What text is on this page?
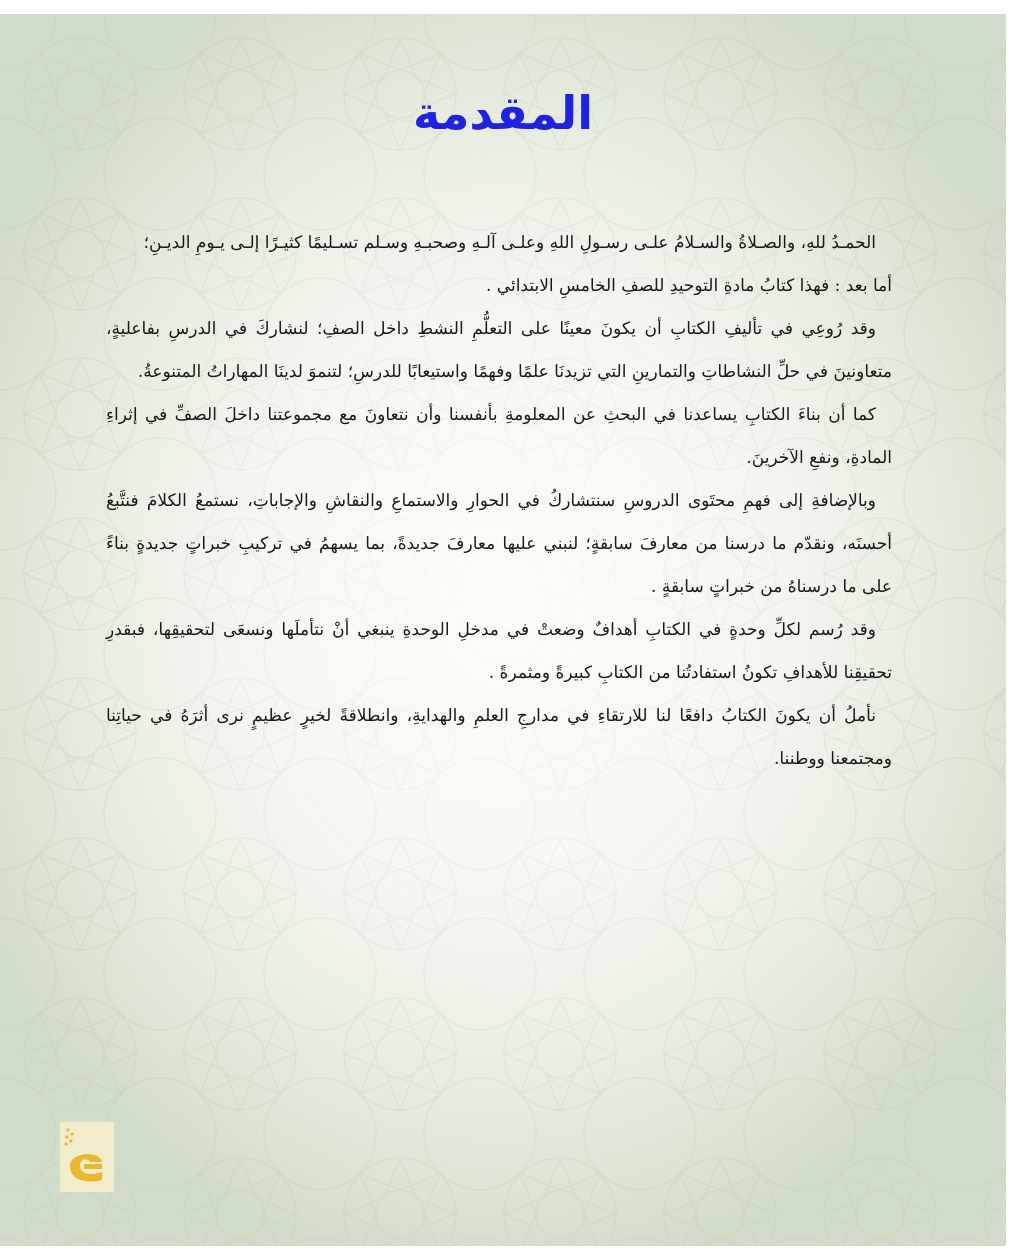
المقدمة

الحمـدُ للهِ، والصـلاةُ والسـلامُ علـى رسـولِ اللهِ وعلـى آلـهِ وصحبـهِ وسـلم تسـليمًا كثيـرًا إلـى يـومِ الديـنِ؛

أما بعد : فهذا كتابُ مادةِ التوحيدِ للصفِ الخامسِ الابتدائي .

وقد رُوعِي في تأليفِ الكتابِ أن يكونَ معينًا على التعلُّمِ النشطِ داخل الصفِ؛ لنشاركَ في الدرسِ بفاعليةٍ، متعاونينَ في حلِّ النشاطاتِ والتمارينِ التي تزيدنَا علمًا وفهمًا واستيعابًا للدرسِ؛ لتنموَ لدينَا المهاراتُ المتنوعةُ.

كما أن بناءَ الكتابِ يساعدنا في البحثِ عن المعلومةِ بأنفسنا وأن نتعاونَ مع مجموعتنا داخلَ الصفِّ في إثراءِ المادةِ، ونفعِ الآخرينَ.

وبالإضافةِ إلى فهمِ محتَوى الدروسِ سنتشاركُ في الحوارِ والاستماعِ والنقاشِ والإجاباتِ، نستمعُ الكلامَ فنتَّبعُ أحسنَه، ونقدّم ما درسنا من معارفَ سابقةٍ؛ لنبني عليها معارفَ جديدةً، بما يسهمُ في تركيبِ خبراتٍ جديدةٍ بناءً على ما درسناهُ من خبراتٍ سابقةٍ .

وقد رُسم لكلِّ وحدةٍ في الكتابِ أهدافٌ وضعتْ في مدخلِ الوحدةِ ينبغي أنْ نتأملَها ونسعَى لتحقيقِها، فبقدرِ تحقيقِنا للأهدافِ تكونُ استفادتُنا من الكتابِ كبيرةً ومثمرةً .

نأملُ أن يكونَ الكتابُ دافعًا لنا للارتقاءِ في مدارجِ العلمِ والهدايةِ، وانطلاقةً لخيرٍ عظيمٍ نرى أثرَهُ في حياتِنا ومجتمعنا ووطننا.
